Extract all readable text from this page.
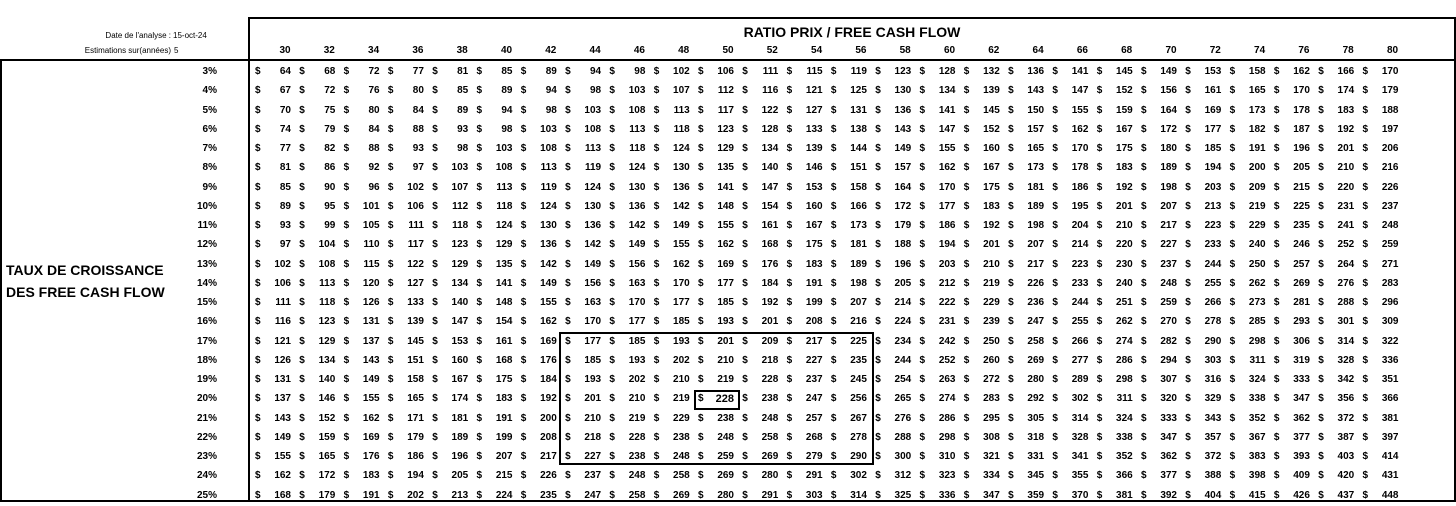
Date de l'analyse : 15-oct-24
Estimations sur(années) 5
RATIO PRIX / FREE CASH FLOW
TAUX DE CROISSANCE
DES FREE CASH FLOW
30	32	34	36	38	40	42	44	46	48	50	52	54	56	58	60	62	64	66	68	70	72	74	76	78	80
3%	$ 64 $ 68 $ 72 $ 77 $ 81 $ 85 $ 89 $ 94 $ 98 $ 102 $ 106 $ 111 $ 115 $ 119 $ 123 $ 128 $ 132 $ 136 $ 141 $ 145 $ 149 $ 153 $ 158 $ 162 $ 166 $ 170
4%	$ 67 $ 72 $ 76 $ 80 $ 85 $ 89 $ 94 $ 98 $ 103 $ 107 $ 112 $ 116 $ 121 $ 125 $ 130 $ 134 $ 139 $ 143 $ 147 $ 152 $ 156 $ 161 $ 165 $ 170 $ 174 $ 179
5%	$ 70 $ 75 $ 80 $ 84 $ 89 $ 94 $ 98 $ 103 $ 108 $ 113 $ 117 $ 122 $ 127 $ 131 $ 136 $ 141 $ 145 $ 150 $ 155 $ 159 $ 164 $ 169 $ 173 $ 178 $ 183 $ 188
6%	$ 74 $ 79 $ 84 $ 88 $ 93 $ 98 $ 103 $ 108 $ 113 $ 118 $ 123 $ 128 $ 133 $ 138 $ 143 $ 147 $ 152 $ 157 $ 162 $ 167 $ 172 $ 177 $ 182 $ 187 $ 192 $ 197
7%	$ 77 $ 82 $ 88 $ 93 $ 98 $ 103 $ 108 $ 113 $ 118 $ 124 $ 129 $ 134 $ 139 $ 144 $ 149 $ 155 $ 160 $ 165 $ 170 $ 175 $ 180 $ 185 $ 191 $ 196 $ 201 $ 206
8%	$ 81 $ 86 $ 92 $ 97 $ 103 $ 108 $ 113 $ 119 $ 124 $ 130 $ 135 $ 140 $ 146 $ 151 $ 157 $ 162 $ 167 $ 173 $ 178 $ 183 $ 189 $ 194 $ 200 $ 205 $ 210 $ 216
9%	$ 85 $ 90 $ 96 $ 102 $ 107 $ 113 $ 119 $ 124 $ 130 $ 136 $ 141 $ 147 $ 153 $ 158 $ 164 $ 170 $ 175 $ 181 $ 186 $ 192 $ 198 $ 203 $ 209 $ 215 $ 220 $ 226
10%	$ 89 $ 95 $ 101 $ 106 $ 112 $ 118 $ 124 $ 130 $ 136 $ 142 $ 148 $ 154 $ 160 $ 166 $ 172 $ 177 $ 183 $ 189 $ 195 $ 201 $ 207 $ 213 $ 219 $ 225 $ 231 $ 237
11%	$ 93 $ 99 $ 105 $ 111 $ 118 $ 124 $ 130 $ 136 $ 142 $ 149 $ 155 $ 161 $ 167 $ 173 $ 179 $ 186 $ 192 $ 198 $ 204 $ 210 $ 217 $ 223 $ 229 $ 235 $ 241 $ 248
12%	$ 97 $ 104 $ 110 $ 117 $ 123 $ 129 $ 136 $ 142 $ 149 $ 155 $ 162 $ 168 $ 175 $ 181 $ 188 $ 194 $ 201 $ 207 $ 214 $ 220 $ 227 $ 233 $ 240 $ 246 $ 252 $ 259
13%	$ 102 $ 108 $ 115 $ 122 $ 129 $ 135 $ 142 $ 149 $ 156 $ 162 $ 169 $ 176 $ 183 $ 189 $ 196 $ 203 $ 210 $ 217 $ 223 $ 230 $ 237 $ 244 $ 250 $ 257 $ 264 $ 271
14%	$ 106 $ 113 $ 120 $ 127 $ 134 $ 141 $ 149 $ 156 $ 163 $ 170 $ 177 $ 184 $ 191 $ 198 $ 205 $ 212 $ 219 $ 226 $ 233 $ 240 $ 248 $ 255 $ 262 $ 269 $ 276 $ 283
15%	$ 111 $ 118 $ 126 $ 133 $ 140 $ 148 $ 155 $ 163 $ 170 $ 177 $ 185 $ 192 $ 199 $ 207 $ 214 $ 222 $ 229 $ 236 $ 244 $ 251 $ 259 $ 266 $ 273 $ 281 $ 288 $ 296
16%	$ 116 $ 123 $ 131 $ 139 $ 147 $ 154 $ 162 $ 170 $ 177 $ 185 $ 193 $ 201 $ 208 $ 216 $ 224 $ 231 $ 239 $ 247 $ 255 $ 262 $ 270 $ 278 $ 285 $ 293 $ 301 $ 309
17%	$ 121 $ 129 $ 137 $ 145 $ 153 $ 161 $ 169 $ 177 $ 185 $ 193 $ 201 $ 209 $ 217 $ 225 $ 234 $ 242 $ 250 $ 258 $ 266 $ 274 $ 282 $ 290 $ 298 $ 306 $ 314 $ 322
18%	$ 126 $ 134 $ 143 $ 151 $ 160 $ 168 $ 176 $ 185 $ 193 $ 202 $ 210 $ 218 $ 227 $ 235 $ 244 $ 252 $ 260 $ 269 $ 277 $ 286 $ 294 $ 303 $ 311 $ 319 $ 328 $ 336
19%	$ 131 $ 140 $ 149 $ 158 $ 167 $ 175 $ 184 $ 193 $ 202 $ 210 $ 219 $ 228 $ 237 $ 245 $ 254 $ 263 $ 272 $ 280 $ 289 $ 298 $ 307 $ 316 $ 324 $ 333 $ 342 $ 351
20%	$ 137 $ 146 $ 155 $ 165 $ 174 $ 183 $ 192 $ 201 $ 210 $ 219 $ 228 $ 238 $ 247 $ 256 $ 265 $ 274 $ 283 $ 292 $ 302 $ 311 $ 320 $ 329 $ 338 $ 347 $ 356 $ 366
21%	$ 143 $ 152 $ 162 $ 171 $ 181 $ 191 $ 200 $ 210 $ 219 $ 229 $ 238 $ 248 $ 257 $ 267 $ 276 $ 286 $ 295 $ 305 $ 314 $ 324 $ 333 $ 343 $ 352 $ 362 $ 372 $ 381
22%	$ 149 $ 159 $ 169 $ 179 $ 189 $ 199 $ 208 $ 218 $ 228 $ 238 $ 248 $ 258 $ 268 $ 278 $ 288 $ 298 $ 308 $ 318 $ 328 $ 338 $ 347 $ 357 $ 367 $ 377 $ 387 $ 397
23%	$ 155 $ 165 $ 176 $ 186 $ 196 $ 207 $ 217 $ 227 $ 238 $ 248 $ 259 $ 269 $ 279 $ 290 $ 300 $ 310 $ 321 $ 331 $ 341 $ 352 $ 362 $ 372 $ 383 $ 393 $ 403 $ 414
24%	$ 162 $ 172 $ 183 $ 194 $ 205 $ 215 $ 226 $ 237 $ 248 $ 258 $ 269 $ 280 $ 291 $ 302 $ 312 $ 323 $ 334 $ 345 $ 355 $ 366 $ 377 $ 388 $ 398 $ 409 $ 420 $ 431
25%	$ 168 $ 179 $ 191 $ 202 $ 213 $ 224 $ 235 $ 247 $ 258 $ 269 $ 280 $ 291 $ 303 $ 314 $ 325 $ 336 $ 347 $ 359 $ 370 $ 381 $ 392 $ 404 $ 415 $ 426 $ 437 $ 448
